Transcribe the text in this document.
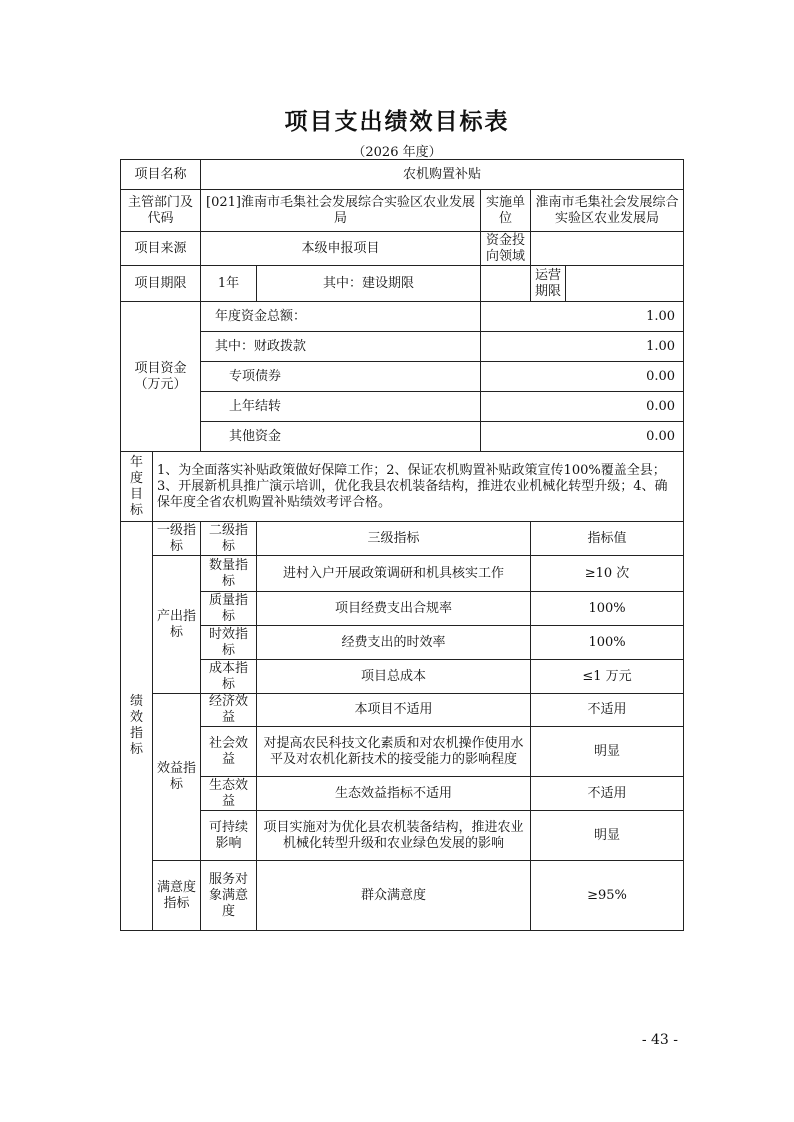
项目支出绩效目标表
（2026 年度）
项目名称		农机购置补贴				
主管部门及代码		[021]淮南市毛集社会发展综合实验区农业发展局		实施单位	淮南市毛集社会发展综合实验区农业发展局	
项目来源		本级申报项目		资金投向领域		
项目期限		1年	其中：建设期限		运营期限	
项目资金（万元）		年度资金总额：		1.00		
		其中：财政拨款		1.00		
		专项债券		0.00		
		上年结转		0.00		
		其他资金		0.00		
年度目标	1、为全面落实补贴政策做好保障工作；2、保证农机购置补贴政策宣传100%覆盖全县；3、开展新机具推广演示培训，优化我县农机装备结构，推进农业机械化转型升级；4、确保年度全省农机购置补贴绩效考评合格。					
绩效指标	一级指标	二级指标	三级指标		指标值	
	产出指标	数量指标	进村入户开展政策调研和机具核实工作		≥10 次	
		质量指标	项目经费支出合规率		100%	
		时效指标	经费支出的时效率		100%	
		成本指标	项目总成本		≤1 万元	
	效益指标	经济效益	本项目不适用		不适用	
		社会效益	对提高农民科技文化素质和对农机操作使用水平及对农机化新技术的接受能力的影响程度		明显	
		生态效益	生态效益指标不适用		不适用	
		可持续影响	项目实施对为优化县农机装备结构，推进农业机械化转型升级和农业绿色发展的影响		明显	
	满意度指标	服务对象满意度	群众满意度		≥95%	
- 43 -
